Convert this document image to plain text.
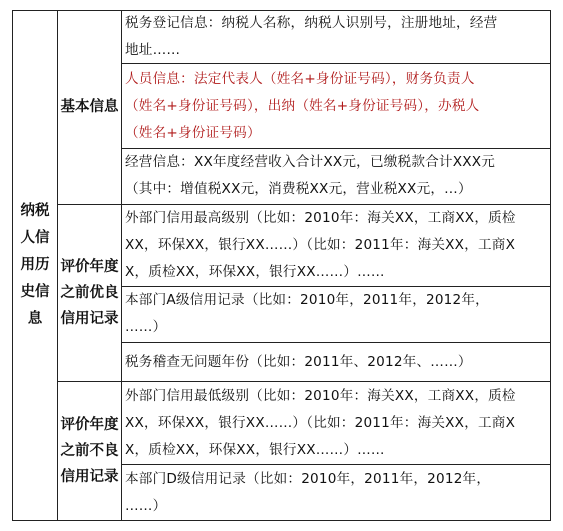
纳税
人信
用历
史信
息
基本信息
评价年度
之前优良
信用记录
评价年度
之前不良
信用记录
税务登记信息：纳税人名称，纳税人识别号，注册地址，经营
地址……
人员信息：法定代表人（姓名+身份证号码），财务负责人
（姓名+身份证号码），出纳（姓名+身份证号码），办税人
（姓名+身份证号码）
经营信息：XX年度经营收入合计XX元，已缴税款合计XXX元
（其中：增值税XX元，消费税XX元，营业税XX元，…）
外部门信用最高级别（比如：2010年：海关XX，工商XX，质检
XX，环保XX，银行XX……）（比如：2011年：海关XX，工商X
X，质检XX，环保XX，银行XX……）……
本部门A级信用记录（比如：2010年，2011年，2012年，
……）
税务稽查无问题年份（比如：2011年、2012年、……）
外部门信用最低级别（比如：2010年：海关XX，工商XX，质检
XX，环保XX，银行XX……）（比如：2011年：海关XX，工商X
X，质检XX，环保XX，银行XX……）……
本部门D级信用记录（比如：2010年，2011年，2012年，
……）
